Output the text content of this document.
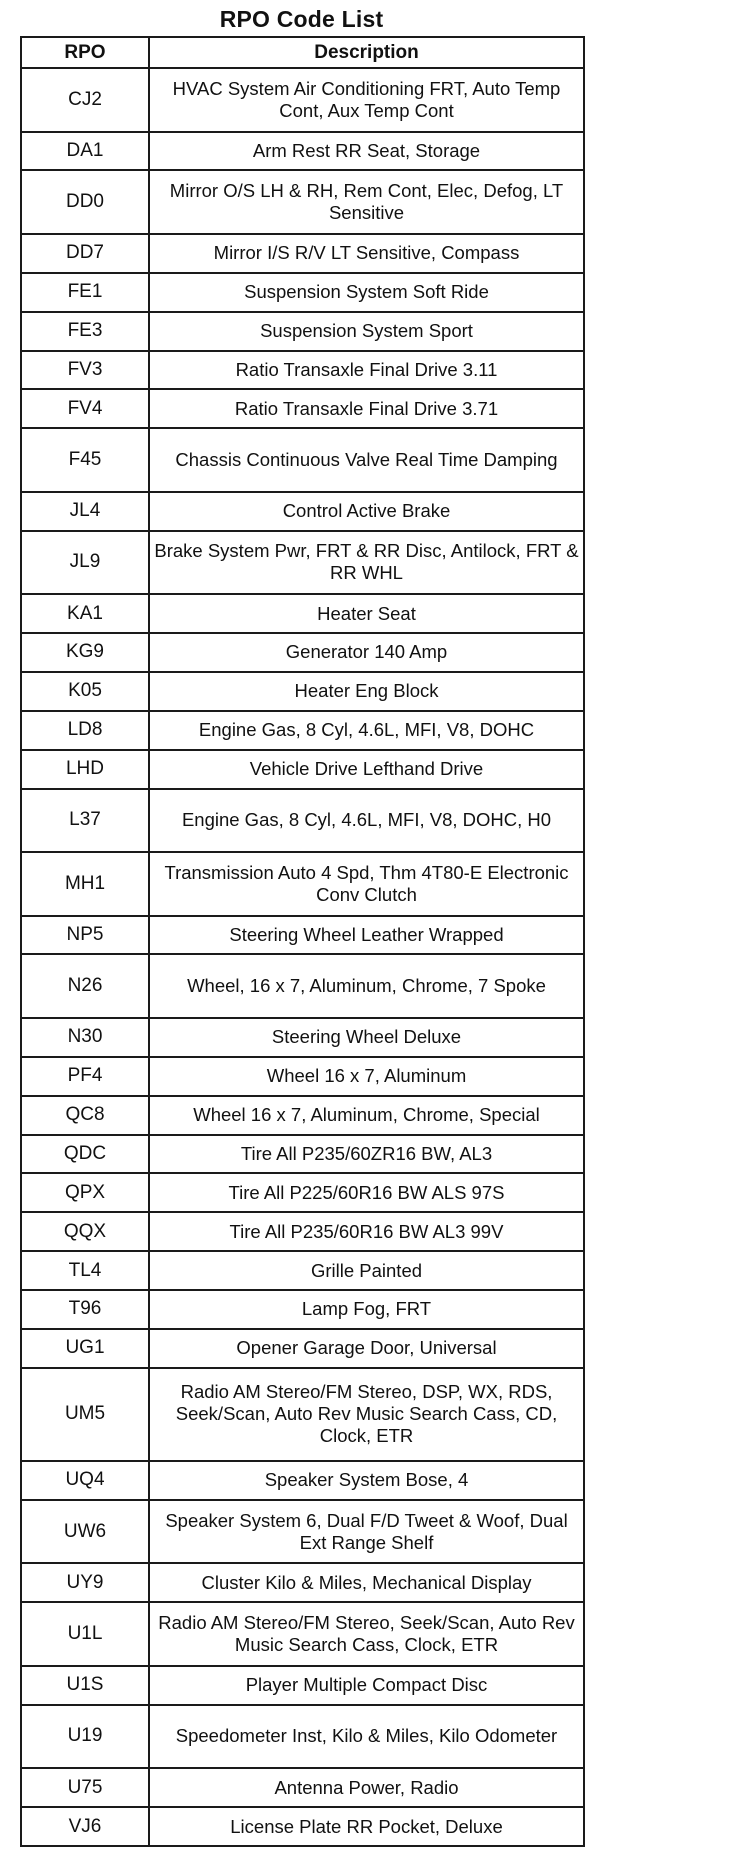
RPO Code List
RPO	Description
CJ2	HVAC System Air Conditioning FRT, Auto Temp Cont, Aux Temp Cont
DA1	Arm Rest RR Seat, Storage
DD0	Mirror O/S LH & RH, Rem Cont, Elec, Defog, LT Sensitive
DD7	Mirror I/S R/V LT Sensitive, Compass
FE1	Suspension System Soft Ride
FE3	Suspension System Sport
FV3	Ratio Transaxle Final Drive 3.11
FV4	Ratio Transaxle Final Drive 3.71
F45	Chassis Continuous Valve Real Time Damping
JL4	Control Active Brake
JL9	Brake System Pwr, FRT & RR Disc, Antilock, FRT & RR WHL
KA1	Heater Seat
KG9	Generator 140 Amp
K05	Heater Eng Block
LD8	Engine Gas, 8 Cyl, 4.6L, MFI, V8, DOHC
LHD	Vehicle Drive Lefthand Drive
L37	Engine Gas, 8 Cyl, 4.6L, MFI, V8, DOHC, H0
MH1	Transmission Auto 4 Spd, Thm 4T80-E Electronic Conv Clutch
NP5	Steering Wheel Leather Wrapped
N26	Wheel, 16 x 7, Aluminum, Chrome, 7 Spoke
N30	Steering Wheel Deluxe
PF4	Wheel 16 x 7, Aluminum
QC8	Wheel 16 x 7, Aluminum, Chrome, Special
QDC	Tire All P235/60ZR16 BW, AL3
QPX	Tire All P225/60R16 BW ALS 97S
QQX	Tire All P235/60R16 BW AL3 99V
TL4	Grille Painted
T96	Lamp Fog, FRT
UG1	Opener Garage Door, Universal
UM5	Radio AM Stereo/FM Stereo, DSP, WX, RDS, Seek/Scan, Auto Rev Music Search Cass, CD, Clock, ETR
UQ4	Speaker System Bose, 4
UW6	Speaker System 6, Dual F/D Tweet & Woof, Dual Ext Range Shelf
UY9	Cluster Kilo & Miles, Mechanical Display
U1L	Radio AM Stereo/FM Stereo, Seek/Scan, Auto Rev Music Search Cass, Clock, ETR
U1S	Player Multiple Compact Disc
U19	Speedometer Inst, Kilo & Miles, Kilo Odometer
U75	Antenna Power, Radio
VJ6	License Plate RR Pocket, Deluxe
